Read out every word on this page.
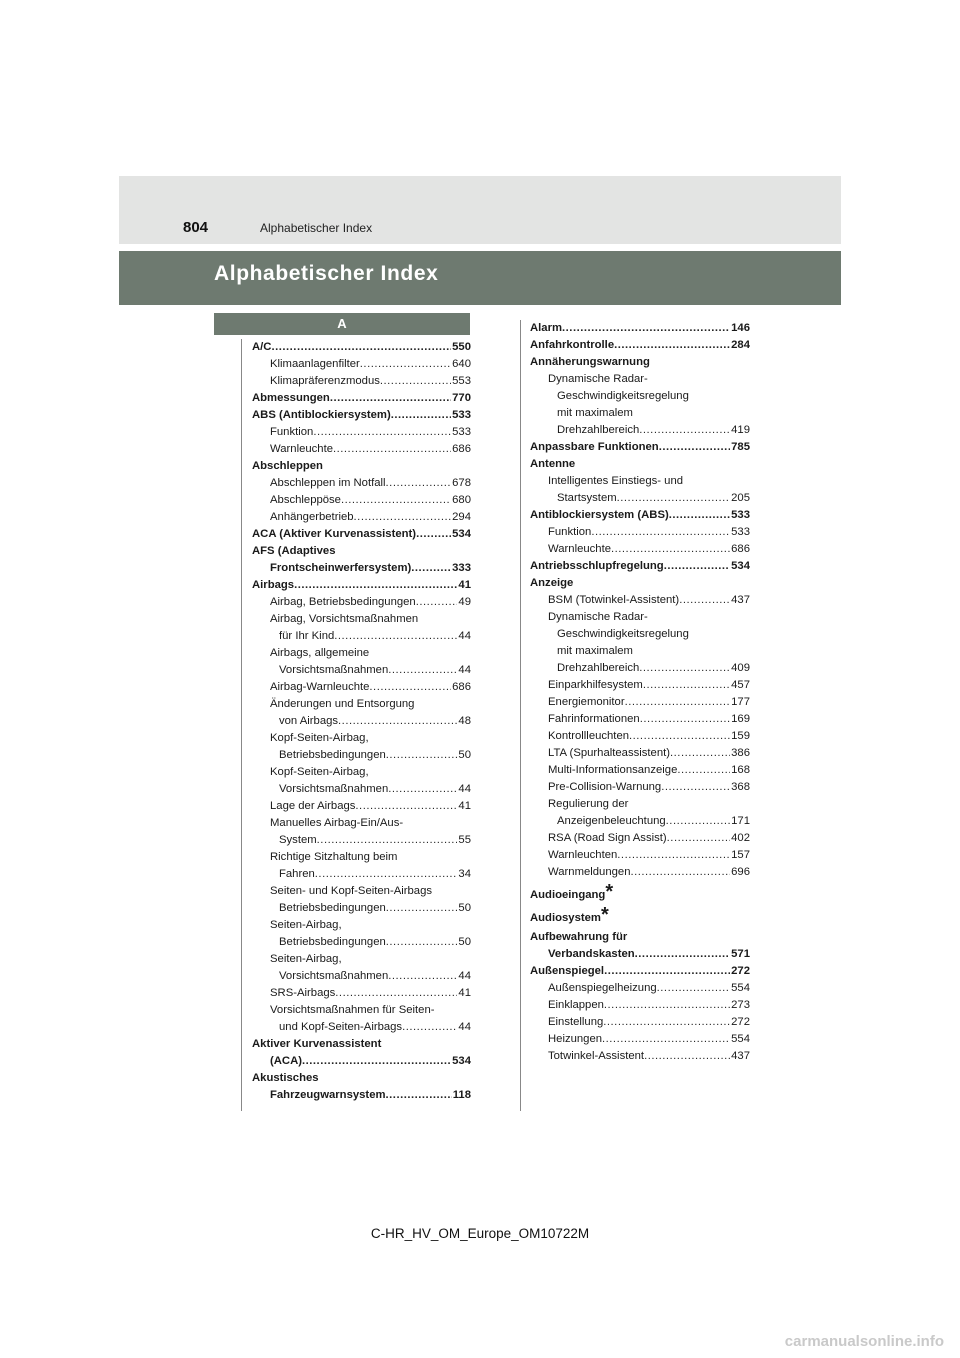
804	Alphabetischer Index
Alphabetischer Index
A
A/C .....	550
Klimaanlagenfilter .....	640
Klimapräferenzmodus .....	553
Abmessungen .....	770
ABS (Antiblockiersystem) .....	533
Funktion .....	533
Warnleuchte .....	686
Abschleppen
Abschleppen im Notfall .....	678
Abschleppöse .....	680
Anhängerbetrieb .....	294
ACA (Aktiver Kurvenassistent) .....	534
AFS (Adaptives
Frontscheinwerfersystem) .....	333
Airbags .....	41
Airbag, Betriebsbedingungen .....	49
Airbag, Vorsichtsmaßnahmen
für Ihr Kind .....	44
Airbags, allgemeine
Vorsichtsmaßnahmen .....	44
Airbag-Warnleuchte .....	686
Änderungen und Entsorgung
von Airbags .....	48
Kopf-Seiten-Airbag,
Betriebsbedingungen .....	50
Kopf-Seiten-Airbag,
Vorsichtsmaßnahmen .....	44
Lage der Airbags .....	41
Manuelles Airbag-Ein/Aus-
System .....	55
Richtige Sitzhaltung beim
Fahren .....	34
Seiten- und Kopf-Seiten-Airbags
Betriebsbedingungen .....	50
Seiten-Airbag,
Betriebsbedingungen .....	50
Seiten-Airbag,
Vorsichtsmaßnahmen .....	44
SRS-Airbags .....	41
Vorsichtsmaßnahmen für Seiten-
und Kopf-Seiten-Airbags .....	44
Aktiver Kurvenassistent
(ACA) .....	534
Akustisches
Fahrzeugwarnsystem .....	118
Alarm .....	146
Anfahrkontrolle .....	284
Annäherungswarnung
Dynamische Radar-
Geschwindigkeitsregelung
mit maximalem
Drehzahlbereich .....	419
Anpassbare Funktionen .....	785
Antenne
Intelligentes Einstiegs- und
Startsystem .....	205
Antiblockiersystem (ABS) .....	533
Funktion .....	533
Warnleuchte .....	686
Antriebsschlupfregelung .....	534
Anzeige
BSM (Totwinkel-Assistent) .....	437
Dynamische Radar-
Geschwindigkeitsregelung
mit maximalem
Drehzahlbereich .....	409
Einparkhilfesystem .....	457
Energiemonitor .....	177
Fahrinformationen .....	169
Kontrollleuchten .....	159
LTA (Spurhalteassistent) .....	386
Multi-Informationsanzeige .....	168
Pre-Collision-Warnung .....	368
Regulierung der
Anzeigenbeleuchtung .....	171
RSA (Road Sign Assist) .....	402
Warnleuchten .....	157
Warnmeldungen .....	696
Audioeingang *
Audiosystem *
Aufbewahrung für
Verbandskasten .....	571
Außenspiegel .....	272
Außenspiegelheizung .....	554
Einklappen .....	273
Einstellung .....	272
Heizungen .....	554
Totwinkel-Assistent .....	437
C-HR_HV_OM_Europe_OM10722M
carmanualsonline.info
